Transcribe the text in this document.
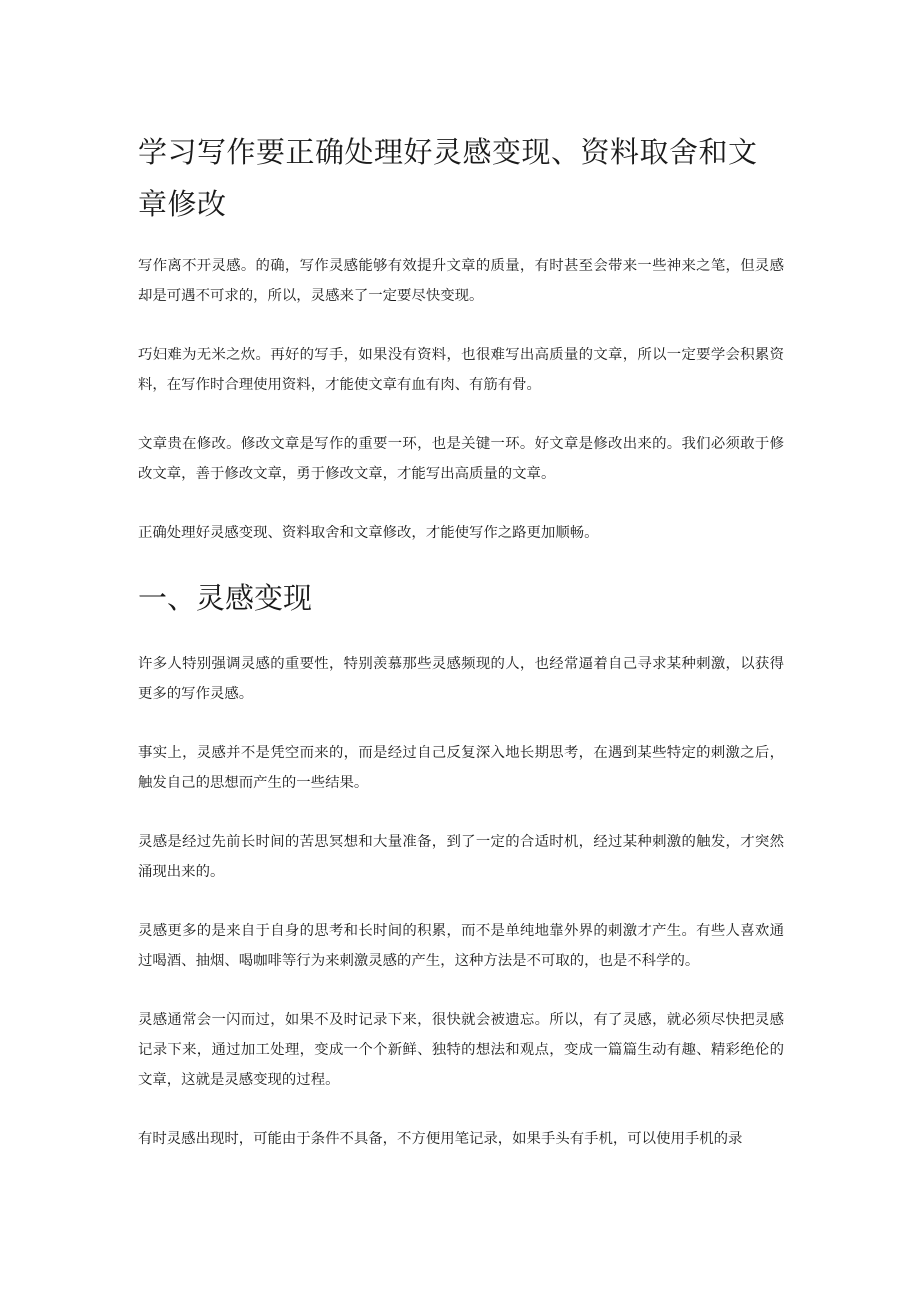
学习写作要正确处理好灵感变现、资料取舍和文章修改

写作离不开灵感。的确，写作灵感能够有效提升文章的质量，有时甚至会带来一些神来之笔，但灵感却是可遇不可求的，所以，灵感来了一定要尽快变现。

巧妇难为无米之炊。再好的写手，如果没有资料，也很难写出高质量的文章，所以一定要学会积累资料，在写作时合理使用资料，才能使文章有血有肉、有筋有骨。

文章贵在修改。修改文章是写作的重要一环，也是关键一环。好文章是修改出来的。我们必须敢于修改文章，善于修改文章，勇于修改文章，才能写出高质量的文章。

正确处理好灵感变现、资料取舍和文章修改，才能使写作之路更加顺畅。

一、灵感变现

许多人特别强调灵感的重要性，特别羡慕那些灵感频现的人，也经常逼着自己寻求某种刺激，以获得更多的写作灵感。

事实上，灵感并不是凭空而来的，而是经过自己反复深入地长期思考，在遇到某些特定的刺激之后，触发自己的思想而产生的一些结果。

灵感是经过先前长时间的苦思冥想和大量准备，到了一定的合适时机，经过某种刺激的触发，才突然涌现出来的。

灵感更多的是来自于自身的思考和长时间的积累，而不是单纯地靠外界的刺激才产生。有些人喜欢通过喝酒、抽烟、喝咖啡等行为来刺激灵感的产生，这种方法是不可取的，也是不科学的。

灵感通常会一闪而过，如果不及时记录下来，很快就会被遗忘。所以，有了灵感，就必须尽快把灵感记录下来，通过加工处理，变成一个个新鲜、独特的想法和观点，变成一篇篇生动有趣、精彩绝伦的文章，这就是灵感变现的过程。

有时灵感出现时，可能由于条件不具备，不方便用笔记录，如果手头有手机，可以使用手机的录
